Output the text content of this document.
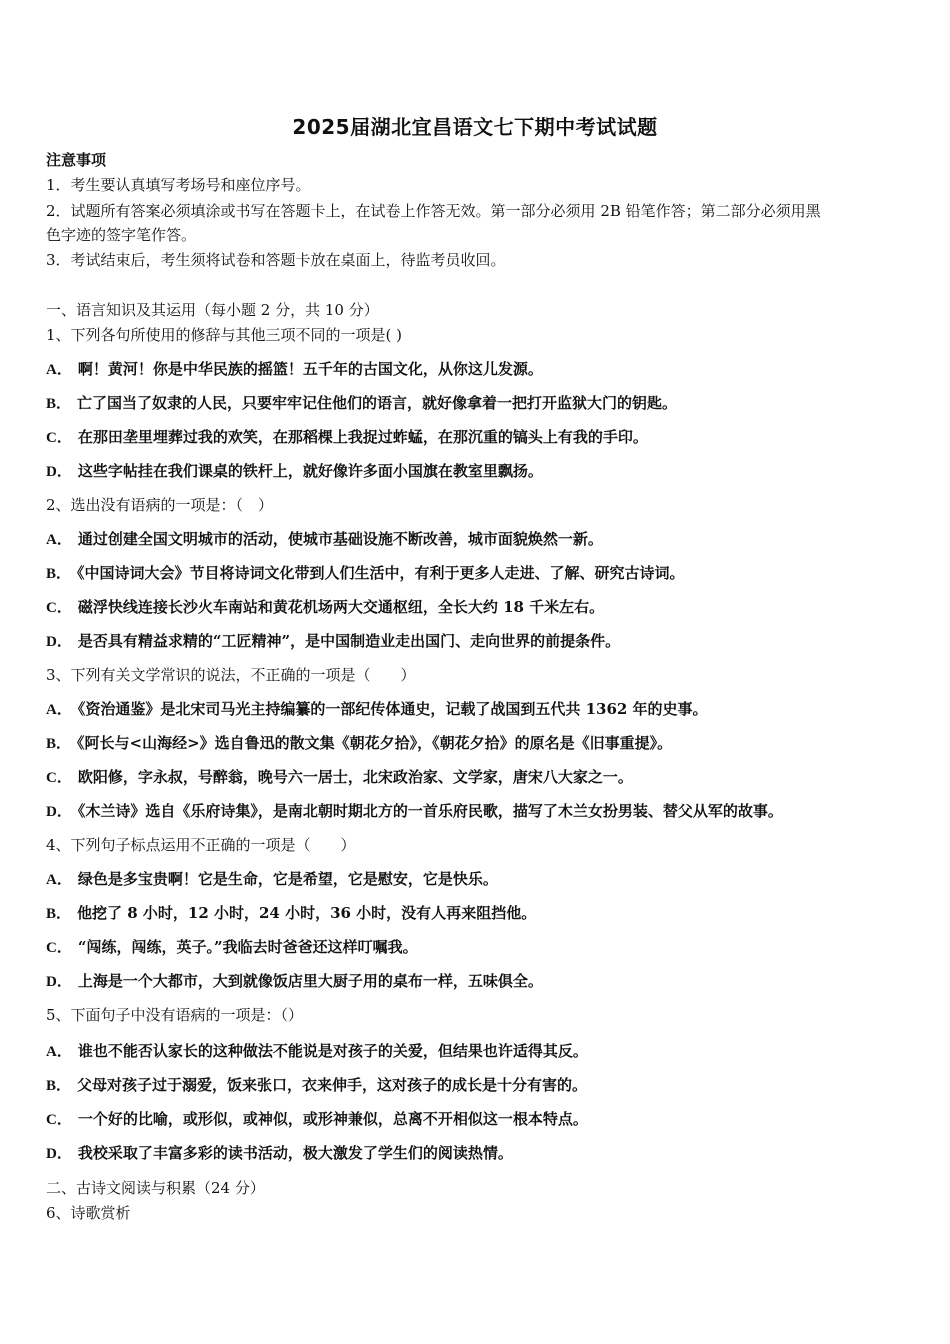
2025届湖北宜昌语文七下期中考试试题
注意事项
1．考生要认真填写考场号和座位序号。
2．试题所有答案必须填涂或书写在答题卡上，在试卷上作答无效。第一部分必须用 2B 铅笔作答；第二部分必须用黑
色字迹的签字笔作答。
3．考试结束后，考生须将试卷和答题卡放在桌面上，待监考员收回。
一、语言知识及其运用（每小题 2 分，共 10 分）
1、下列各句所使用的修辞与其他三项不同的一项是( )
A． 啊！黄河！你是中华民族的摇篮！五千年的古国文化，从你这儿发源。
B． 亡了国当了奴隶的人民，只要牢牢记住他们的语言，就好像拿着一把打开监狱大门的钥匙。
C． 在那田垄里埋葬过我的欢笑，在那稻棵上我捉过蚱蜢，在那沉重的镐头上有我的手印。
D． 这些字帖挂在我们课桌的铁杆上，就好像许多面小国旗在教室里飘扬。
2、选出没有语病的一项是：（　）
A． 通过创建全国文明城市的活动，使城市基础设施不断改善，城市面貌焕然一新。
B． 《中国诗词大会》节目将诗词文化带到人们生活中，有利于更多人走进、了解、研究古诗词。
C． 磁浮快线连接长沙火车南站和黄花机场两大交通枢纽，全长大约 18 千米左右。
D． 是否具有精益求精的“工匠精神”，是中国制造业走出国门、走向世界的前提条件。
3、下列有关文学常识的说法，不正确的一项是（　　）
A． 《资治通鉴》是北宋司马光主持编纂的一部纪传体通史，记载了战国到五代共 1362 年的史事。
B． 《阿长与<山海经>》选自鲁迅的散文集《朝花夕拾》，《朝花夕拾》的原名是《旧事重提》。
C． 欧阳修，字永叔，号醉翁，晚号六一居士，北宋政治家、文学家，唐宋八大家之一。
D． 《木兰诗》选自《乐府诗集》，是南北朝时期北方的一首乐府民歌，描写了木兰女扮男装、替父从军的故事。
4、下列句子标点运用不正确的一项是（　　）
A． 绿色是多宝贵啊！它是生命，它是希望，它是慰安，它是快乐。
B． 他挖了 8 小时，12 小时，24 小时，36 小时，没有人再来阻挡他。
C． “闯练，闯练，英子。”我临去时爸爸还这样叮嘱我。
D． 上海是一个大都市，大到就像饭店里大厨子用的桌布一样，五味俱全。
5、下面句子中没有语病的一项是：（）
A． 谁也不能否认家长的这种做法不能说是对孩子的关爱，但结果也许适得其反。
B． 父母对孩子过于溺爱，饭来张口，衣来伸手，这对孩子的成长是十分有害的。
C． 一个好的比喻，或形似，或神似，或形神兼似，总离不开相似这一根本特点。
D． 我校采取了丰富多彩的读书活动，极大激发了学生们的阅读热情。
二、古诗文阅读与积累（24 分）
6、诗歌赏析
